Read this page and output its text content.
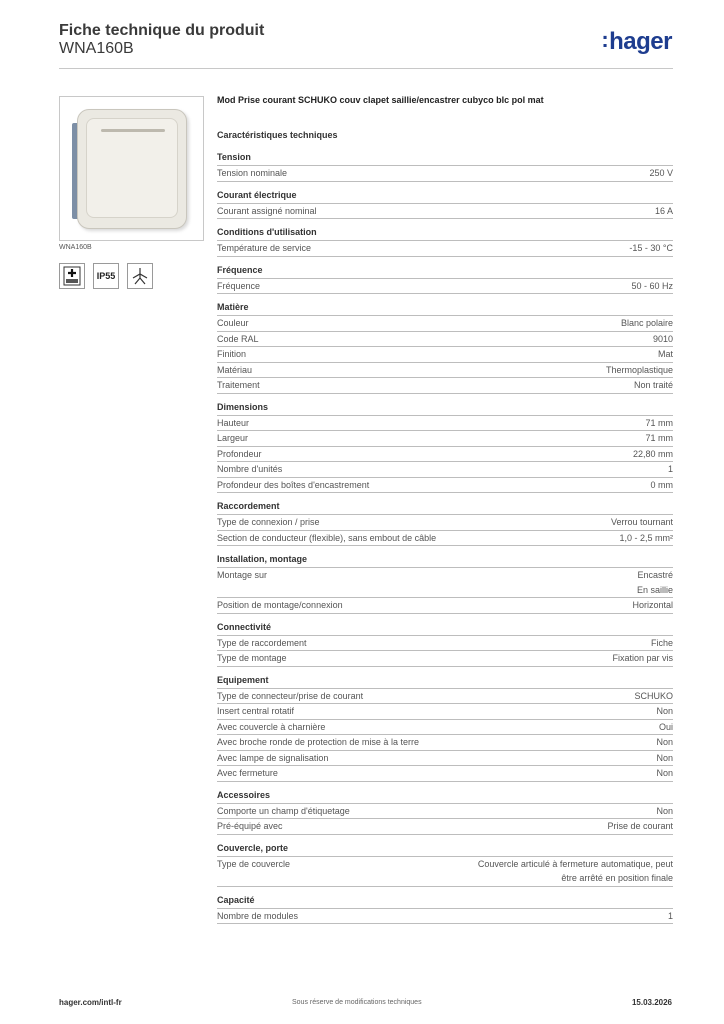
Fiche technique du produit
WNA160B	:hager
WNA160B
IP55
Mod Prise courant SCHUKO couv clapet saillie/encastrer cubyco blc pol mat
Caractéristiques techniques
Tension
Tension nominale	250 V
Courant électrique
Courant assigné nominal	16 A
Conditions d'utilisation
Température de service	-15 - 30 °C
Fréquence
Fréquence	50 - 60 Hz
Matière
Couleur	Blanc polaire
Code RAL	9010
Finition	Mat
Matériau	Thermoplastique
Traitement	Non traité
Dimensions
Hauteur	71 mm
Largeur	71 mm
Profondeur	22,80 mm
Nombre d'unités	1
Profondeur des boîtes d'encastrement	0 mm
Raccordement
Type de connexion / prise	Verrou tournant
Section de conducteur (flexible), sans embout de câble	1,0 - 2,5 mm²
Installation, montage
Montage sur	Encastré
En saillie
Position de montage/connexion	Horizontal
Connectivité
Type de raccordement	Fiche
Type de montage	Fixation par vis
Equipement
Type de connecteur/prise de courant	SCHUKO
Insert central rotatif	Non
Avec couvercle à charnière	Oui
Avec broche ronde de protection de mise à la terre	Non
Avec lampe de signalisation	Non
Avec fermeture	Non
Accessoires
Comporte un champ d'étiquetage	Non
Pré-équipé avec	Prise de courant
Couvercle, porte
Type de couvercle	Couvercle articulé à fermeture automatique, peut
être arrêté en position finale
Capacité
Nombre de modules	1
hager.com/intl-fr	Sous réserve de modifications techniques	15.03.2026
